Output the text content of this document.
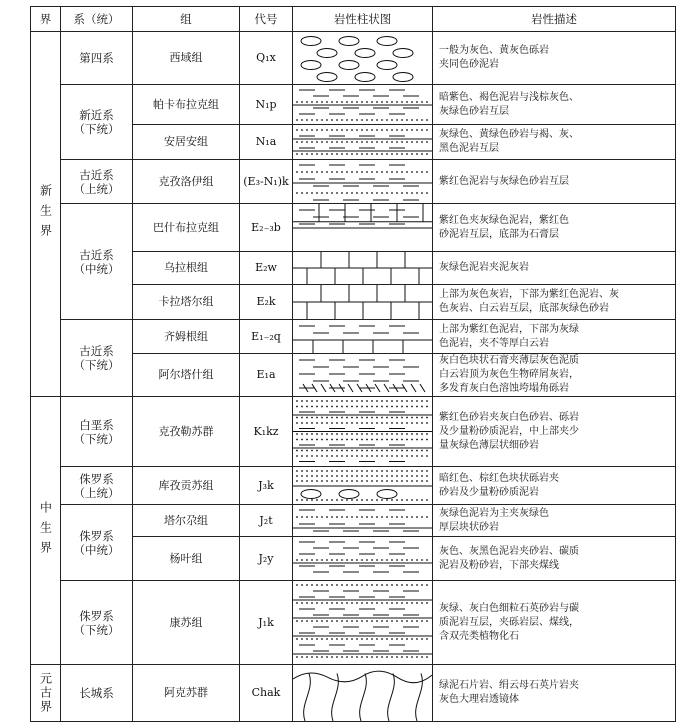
界	系（统）	组	代号	岩性柱状图	岩性描述

新生界	第四系	西域组	Q₁x		一般为灰色、黄灰色砾岩
夹同色砂泥岩
	新近系
（下统）	帕卡布拉克组	N₁p		暗紫色、褐色泥岩与浅棕灰色、
灰绿色砂岩互层
		安居安组	N₁a		灰绿色、黄绿色砂岩与褐、灰、
黑色泥岩互层
	古近系
（上统）	克孜洛伊组	(E₃-N₁)k		紫红色泥岩与灰绿色砂岩互层
	古近系
（中统）	巴什布拉克组	E₂₋₃b		紫红色夹灰绿色泥岩，紫红色
砂泥岩互层，底部为石膏层
		乌拉根组	E₂w		灰绿色泥岩夹泥灰岩
		卡拉塔尔组	E₂k		上部为灰色灰岩，下部为紫红色泥岩、灰
色灰岩、白云岩互层，底部灰绿色砂岩
	古近系
（下统）	齐姆根组	E₁₋₂q		上部为紫红色泥岩，下部为灰绿
色泥岩，夹不等厚白云岩
		阿尔塔什组	E₁a		灰白色块状石膏夹薄层灰色泥质
白云岩顶为灰色生物碎屑灰岩，
多发育灰白色溶蚀垮塌角砾岩

中生界	白垩系
（下统）	克孜勒苏群	K₁kz		紫红色砂岩夹灰白色砂岩、砾岩
及少量粉砂质泥岩，中上部夹少
量灰绿色薄层状细砂岩
	侏罗系
（上统）	库孜贡苏组	J₃k		暗红色、棕红色块状砾岩夹
砂岩及少量粉砂质泥岩
	侏罗系
（中统）	塔尔尕组	J₂t		灰绿色泥岩为主夹灰绿色
厚层块状砂岩
		杨叶组	J₂y		灰色、灰黑色泥岩夹砂岩、碳质
泥岩及粉砂岩，下部夹煤线
	侏罗系
（下统）	康苏组	J₁k		灰绿、灰白色细粒石英砂岩与碳
质泥岩互层，夹砾岩层、煤线，
含双壳类植物化石

元古界	长城系	阿克苏群	Chak		绿泥石片岩、绢云母石英片岩夹
灰色大理岩透镜体
